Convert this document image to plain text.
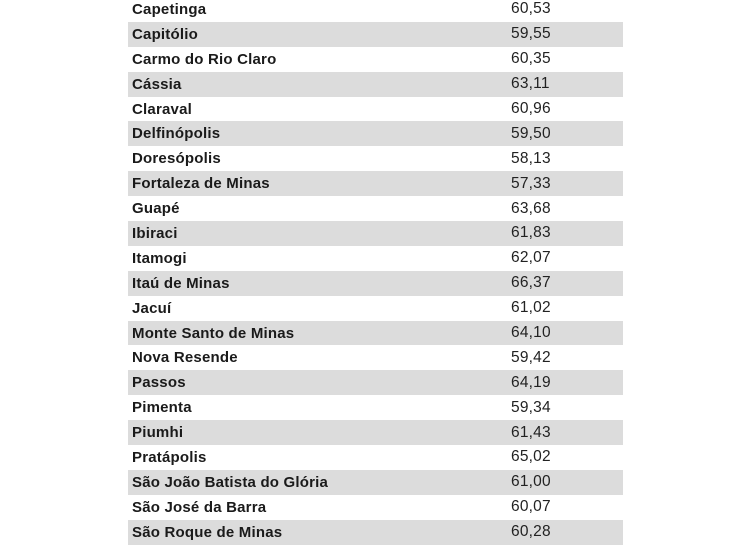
Capetinga	60,53
Capitólio	59,55
Carmo do Rio Claro	60,35
Cássia	63,11
Claraval	60,96
Delfinópolis	59,50
Doresópolis	58,13
Fortaleza de Minas	57,33
Guapé	63,68
Ibiraci	61,83
Itamogi	62,07
Itaú de Minas	66,37
Jacuí	61,02
Monte Santo de Minas	64,10
Nova Resende	59,42
Passos	64,19
Pimenta	59,34
Piumhi	61,43
Pratápolis	65,02
São João Batista do Glória	61,00
São José da Barra	60,07
São Roque de Minas	60,28
